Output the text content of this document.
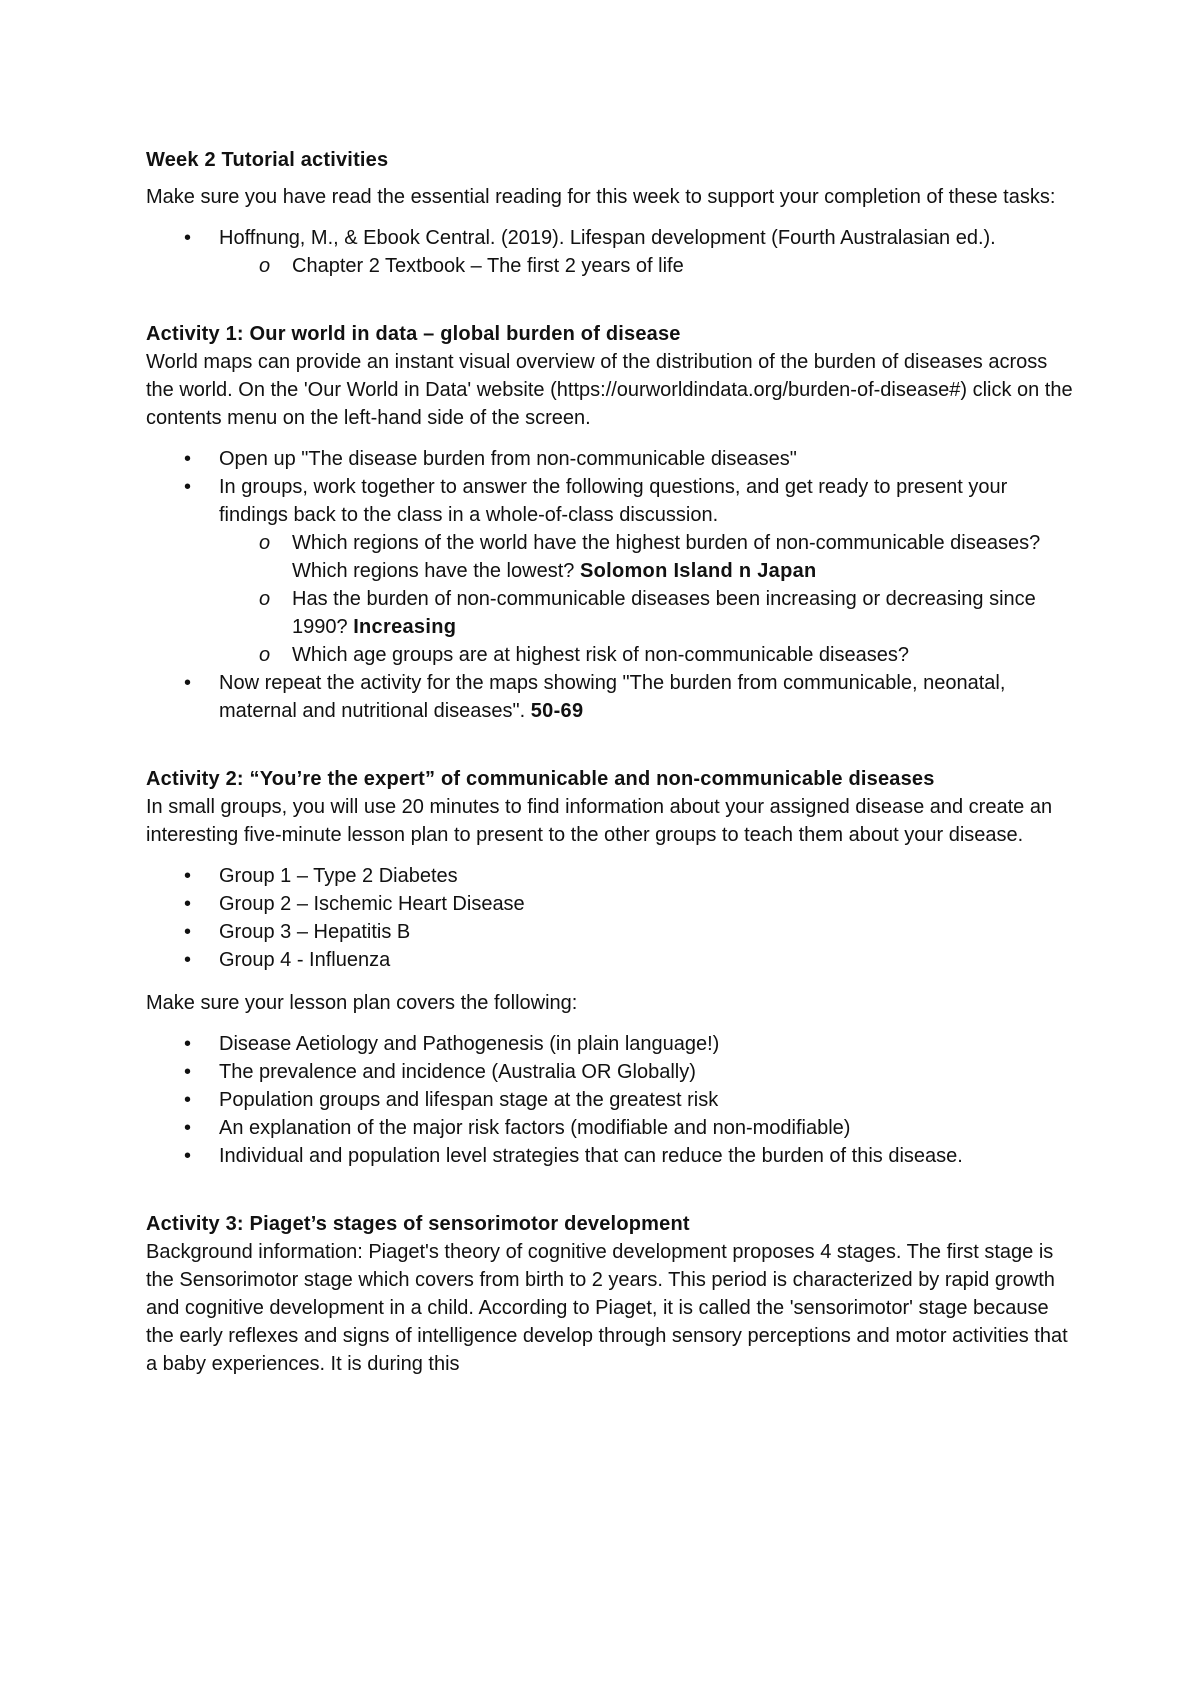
Week 2 Tutorial activities

Make sure you have read the essential reading for this week to support your completion of these tasks:

• Hoffnung, M., & Ebook Central. (2019). Lifespan development (Fourth Australasian ed.).
o Chapter 2 Textbook – The first 2 years of life

Activity 1: Our world in data – global burden of disease

World maps can provide an instant visual overview of the distribution of the burden of diseases across the world. On the 'Our World in Data' website (https://ourworldindata.org/burden-of-disease#) click on the contents menu on the left-hand side of the screen.

• Open up "The disease burden from non-communicable diseases"
• In groups, work together to answer the following questions, and get ready to present your findings back to the class in a whole-of-class discussion.
o Which regions of the world have the highest burden of non-communicable diseases? Which regions have the lowest? Solomon Island n Japan
o Has the burden of non-communicable diseases been increasing or decreasing since 1990? Increasing
o Which age groups are at highest risk of non-communicable diseases?
• Now repeat the activity for the maps showing "The burden from communicable, neonatal, maternal and nutritional diseases". 50-69

Activity 2: “You’re the expert” of communicable and non-communicable diseases

In small groups, you will use 20 minutes to find information about your assigned disease and create an interesting five-minute lesson plan to present to the other groups to teach them about your disease.

• Group 1 – Type 2 Diabetes
• Group 2 – Ischemic Heart Disease
• Group 3 – Hepatitis B
• Group 4 - Influenza

Make sure your lesson plan covers the following:

• Disease Aetiology and Pathogenesis (in plain language!)
• The prevalence and incidence (Australia OR Globally)
• Population groups and lifespan stage at the greatest risk
• An explanation of the major risk factors (modifiable and non-modifiable)
• Individual and population level strategies that can reduce the burden of this disease.

Activity 3: Piaget’s stages of sensorimotor development

Background information: Piaget's theory of cognitive development proposes 4 stages. The first stage is the Sensorimotor stage which covers from birth to 2 years. This period is characterized by rapid growth and cognitive development in a child. According to Piaget, it is called the 'sensorimotor' stage because the early reflexes and signs of intelligence develop through sensory perceptions and motor activities that a baby experiences. It is during this
